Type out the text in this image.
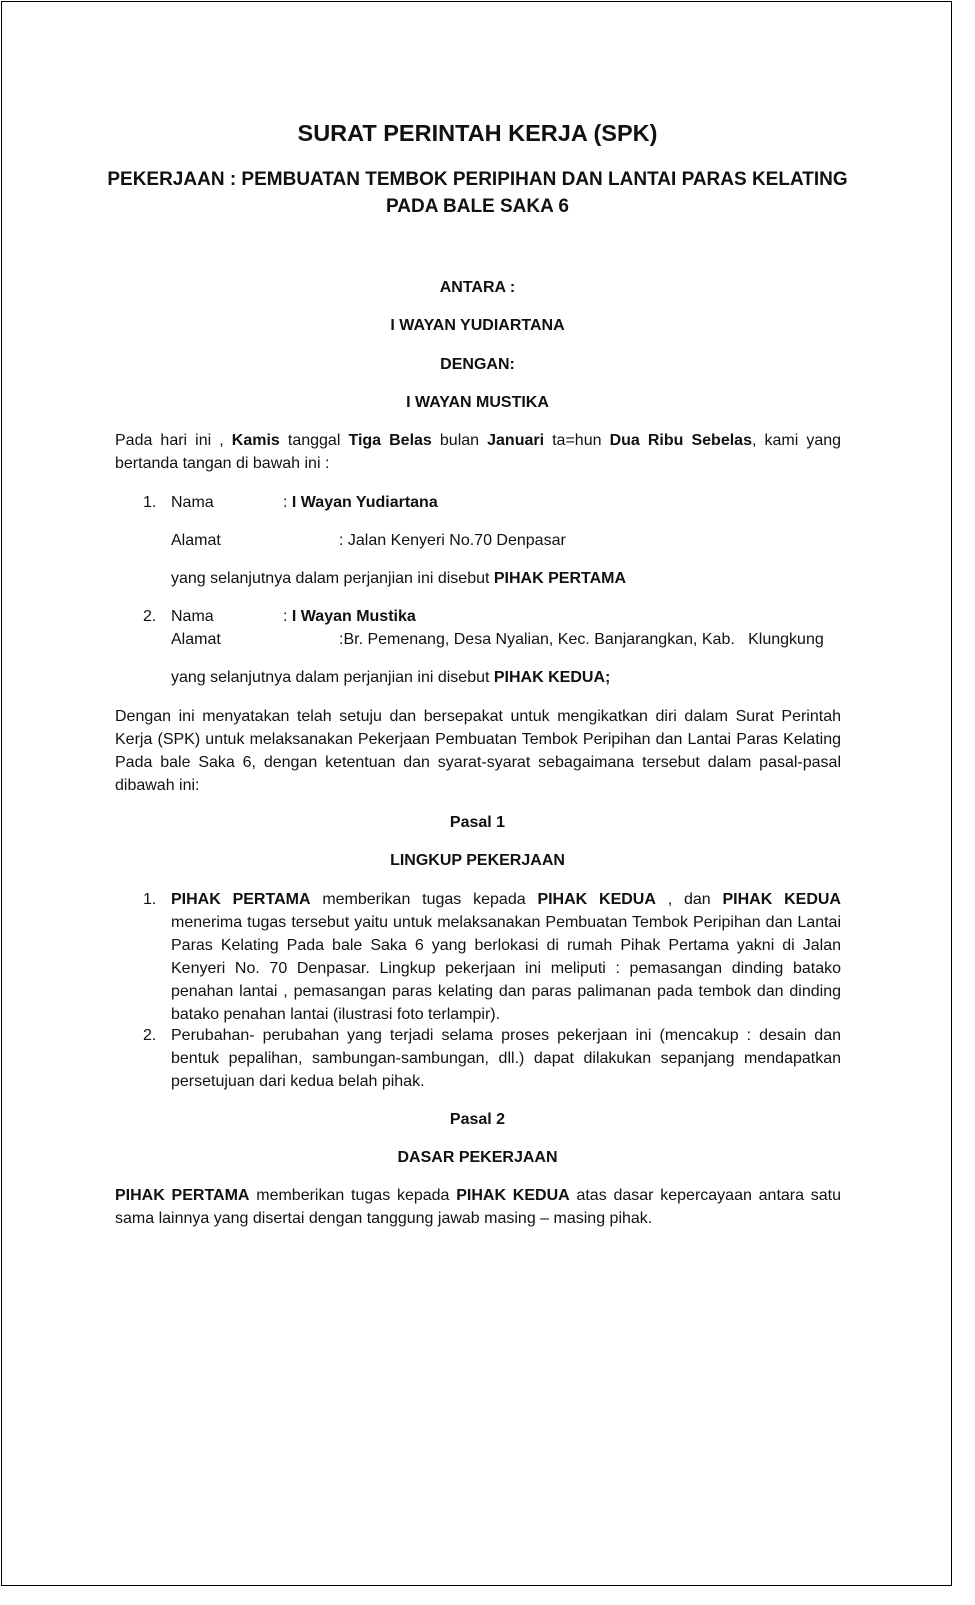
SURAT PERINTAH KERJA (SPK)
PEKERJAAN : PEMBUATAN TEMBOK PERIPIHAN DAN LANTAI PARAS KELATING
PADA BALE SAKA 6
ANTARA :
I WAYAN YUDIARTANA
DENGAN:
I WAYAN MUSTIKA
Pada hari ini , Kamis tanggal Tiga Belas bulan Januari ta=hun Dua Ribu Sebelas, kami yang bertanda tangan di bawah ini :
1. Nama	: I Wayan Yudiartana
Alamat	: Jalan Kenyeri No.70 Denpasar
yang selanjutnya dalam perjanjian ini disebut PIHAK PERTAMA
2. Nama	: I Wayan Mustika
Alamat	:Br. Pemenang, Desa Nyalian, Kec. Banjarangkan, Kab.   Klungkung
yang selanjutnya dalam perjanjian ini disebut PIHAK KEDUA;
Dengan ini menyatakan telah setuju dan bersepakat untuk mengikatkan diri dalam Surat Perintah Kerja (SPK) untuk melaksanakan Pekerjaan Pembuatan Tembok Peripihan dan Lantai Paras Kelating Pada bale Saka 6, dengan ketentuan dan syarat-syarat sebagaimana tersebut dalam pasal-pasal dibawah ini:
Pasal 1
LINGKUP PEKERJAAN
1. PIHAK PERTAMA memberikan tugas kepada PIHAK KEDUA , dan PIHAK KEDUA menerima tugas tersebut yaitu untuk melaksanakan Pembuatan Tembok Peripihan dan Lantai Paras Kelating Pada bale Saka 6 yang berlokasi di rumah Pihak Pertama yakni di Jalan Kenyeri No. 70 Denpasar. Lingkup pekerjaan ini meliputi : pemasangan dinding batako penahan lantai , pemasangan paras kelating dan paras palimanan pada tembok dan dinding batako penahan lantai (ilustrasi foto terlampir).
2. Perubahan- perubahan yang terjadi selama proses pekerjaan ini (mencakup : desain dan bentuk pepalihan, sambungan-sambungan, dll.) dapat dilakukan sepanjang mendapatkan persetujuan dari kedua belah pihak.
Pasal 2
DASAR PEKERJAAN
PIHAK PERTAMA memberikan tugas kepada PIHAK KEDUA atas dasar kepercayaan antara satu sama lainnya yang disertai dengan tanggung jawab masing – masing pihak.
